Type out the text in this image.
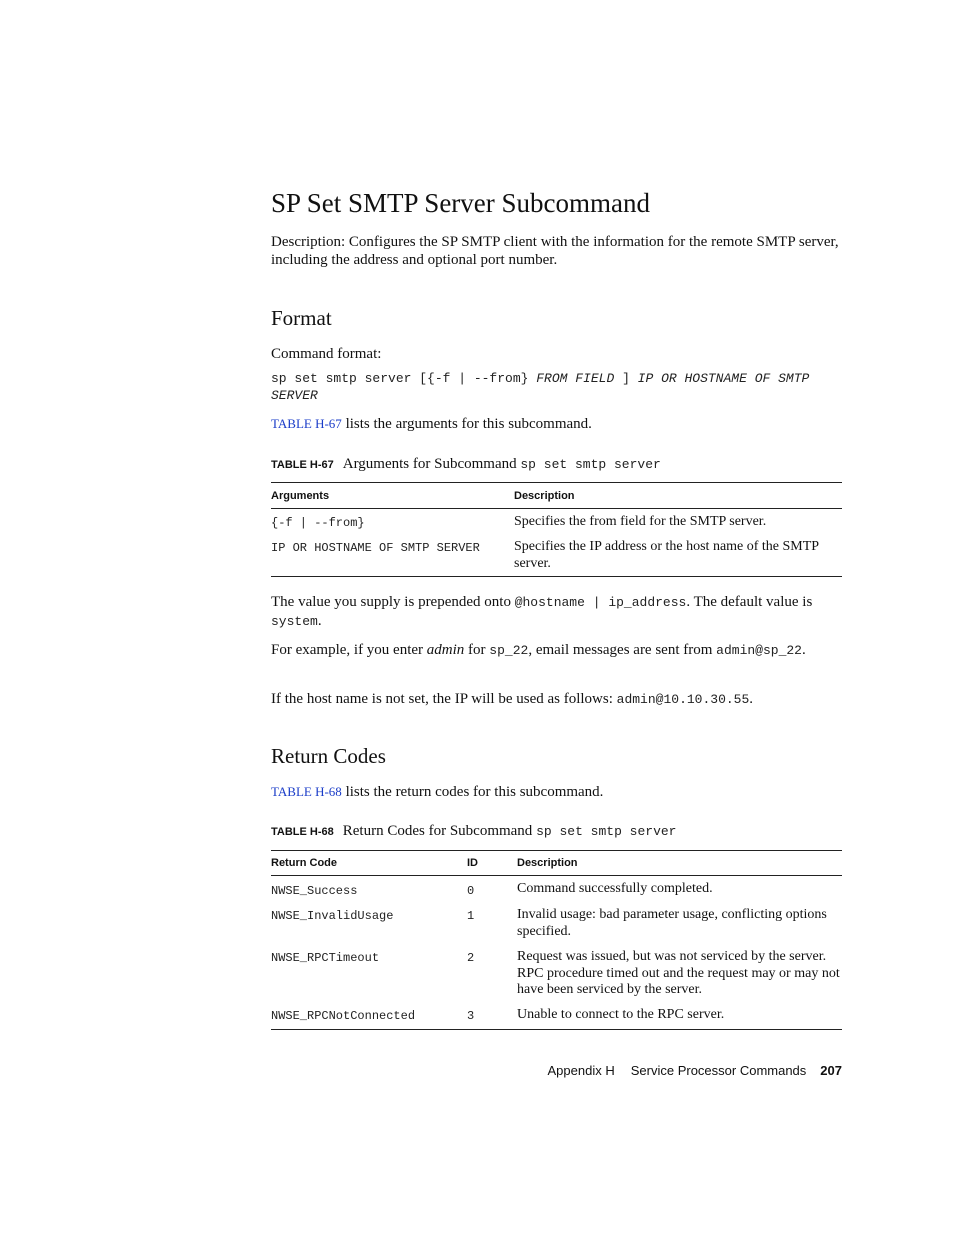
SP Set SMTP Server Subcommand

Description: Configures the SP SMTP client with the information for the remote SMTP server, including the address and optional port number.

Format

Command format:

sp set smtp server [{-f | --from} FROM FIELD ] IP OR HOSTNAME OF SMTP SERVER

TABLE H-67 lists the arguments for this subcommand.

TABLE H-67 Arguments for Subcommand sp set smtp server
Arguments	Description
{-f | --from}	Specifies the from field for the SMTP server.
IP OR HOSTNAME OF SMTP SERVER	Specifies the IP address or the host name of the SMTP server.

The value you supply is prepended onto @hostname | ip_address. The default value is system.

For example, if you enter admin for sp_22, email messages are sent from admin@sp_22.

If the host name is not set, the IP will be used as follows: admin@10.10.30.55.

Return Codes

TABLE H-68 lists the return codes for this subcommand.

TABLE H-68 Return Codes for Subcommand sp set smtp server
Return Code	ID	Description
NWSE_Success	0	Command successfully completed.
NWSE_InvalidUsage	1	Invalid usage: bad parameter usage, conflicting options specified.
NWSE_RPCTimeout	2	Request was issued, but was not serviced by the server. RPC procedure timed out and the request may or may not have been serviced by the server.
NWSE_RPCNotConnected	3	Unable to connect to the RPC server.
Appendix H Service Processor Commands 207
